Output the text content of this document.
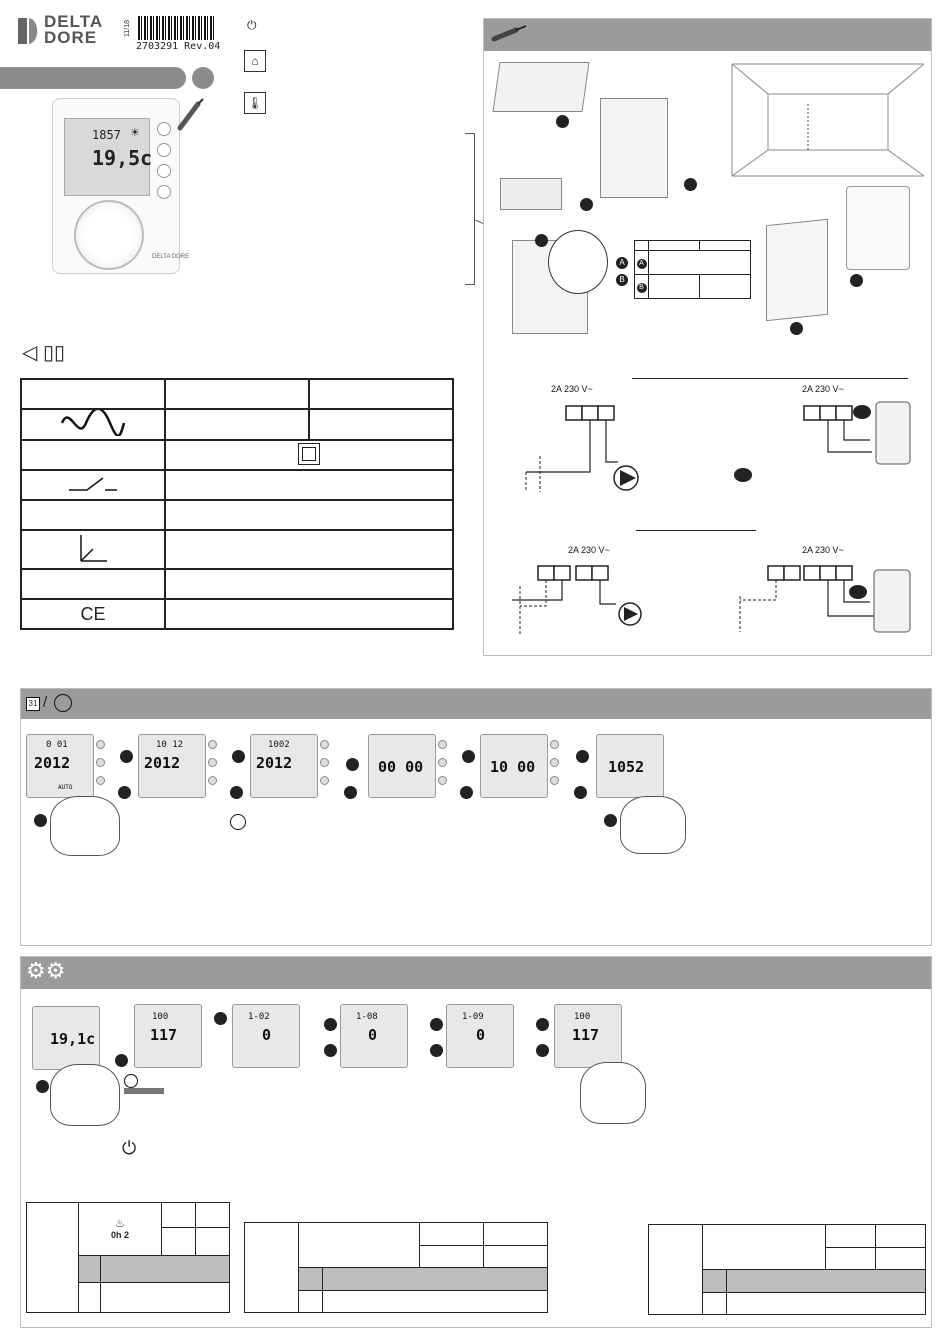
DELTA
DORE	11/18
2703291 Rev.04
⏻
⌂
🌡
1857 ☀
19,5c
DELTA DORE
◁ ▯▯

CE		
A
B

A		
B		
2A 230 V~	2A 230 V~
2A 230 V~	2A 230 V~
31 /
0 01
2012
AUTO
10 12
2012
1002
2012	00 00	10 00	1052
⚙⚙
19,1c
⏻
100
117
1-02
0
1-08
0
1-09
0
100
117
	♨
0h 2			
